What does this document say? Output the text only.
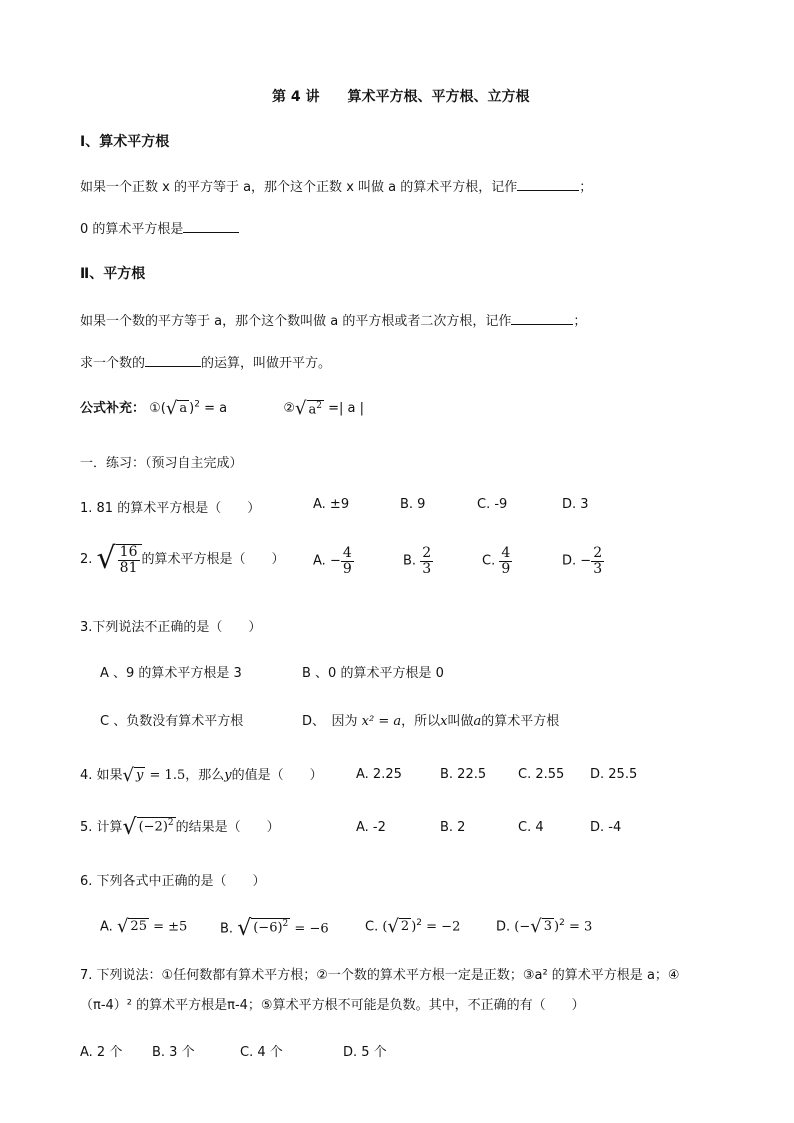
第 4 讲　　算术平方根、平方根、立方根
Ⅰ、算术平方根
如果一个正数 x 的平方等于 a，那个这个正数 x 叫做 a 的算术平方根，记作	；
0 的算术平方根是
Ⅱ、平方根
如果一个数的平方等于 a，那个这个数叫做 a 的平方根或者二次方根，记作	；
求一个数的	的运算，叫做开平方。
公式补充： ①( √ a )$^2$ = a	② √ $a^2$ =| a |
一．练习：（预习自主完成）
1. 81 的算术平方根是（　　）	A. ±9	B. 9	C. -9	D. 3
2. √ $\frac{16}{81}$ 的算术平方根是（　　） A. − $\frac{4}{9}$	B. $\frac{2}{3}$	C. $\frac{4}{9}$	D. − $\frac{2}{3}$
3.下列说法不正确的是（　　）
A 、9 的算术平方根是 3	B 、0 的算术平方根是 0
C 、负数没有算术平方根	D、　因为 x² = a，所以x叫做a的算术平方根
4. 如果 √ y = 1.5，那么y的值是（　　）	A. 2.25	B. 22.5 C. 2.55 D. 25.5
5. 计算 √ $(-2)^2$ 的结果是（　　）	A. -2	B. 2	C. 4	D. -4
6. 下列各式中正确的是（　　）
A. √ 25 = ±5	B. √ $(-6)^2 = -6$	C. ( √ 2 )$^2$ = −2	D. (− √ 3 )$^2$ = 3
7. 下列说法：①任何数都有算术平方根；②一个数的算术平方根一定是正数；③a² 的算术平方根是 a；④
（π-4）² 的算术平方根是π-4；⑤算术平方根不可能是负数。其中，不正确的有（　　）
A. 2 个 B. 3 个	C. 4 个	D. 5 个
